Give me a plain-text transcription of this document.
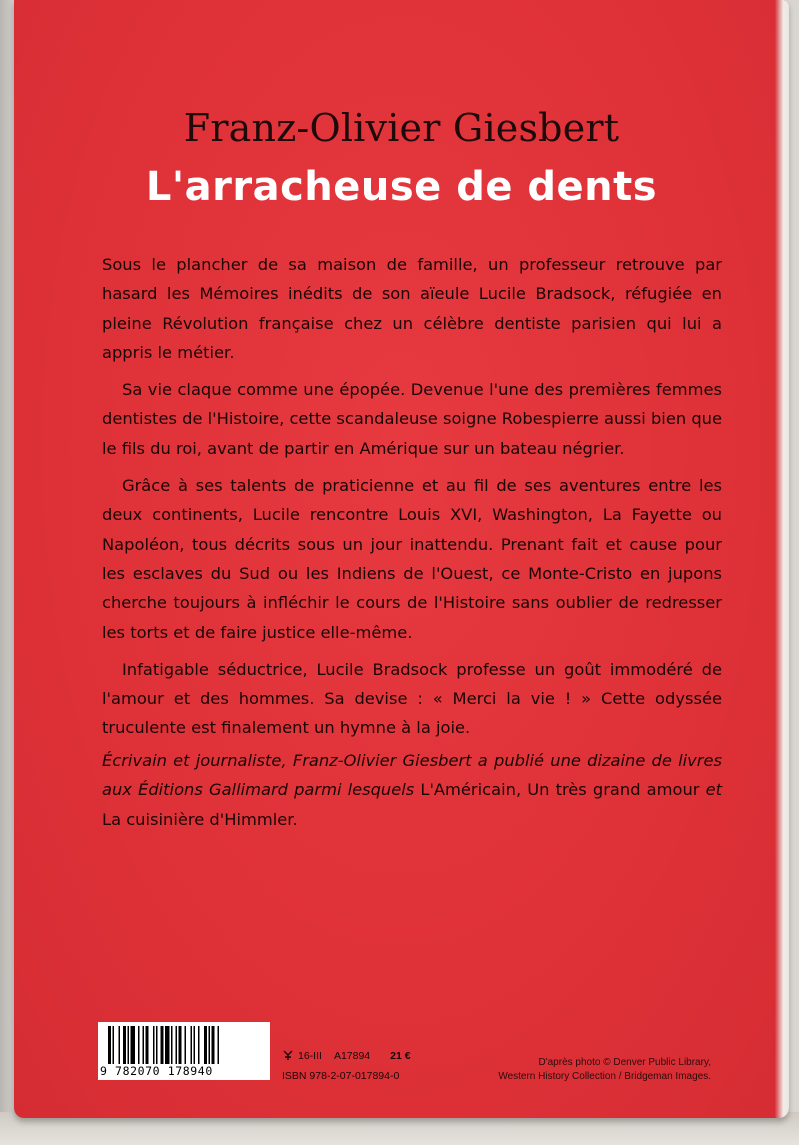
Franz-Olivier Giesbert
L'arracheuse de dents

Sous le plancher de sa maison de famille, un professeur retrouve par hasard les Mémoires inédits de son aïeule Lucile Bradsock, réfugiée en pleine Révolution française chez un célèbre dentiste parisien qui lui a appris le métier.

Sa vie claque comme une épopée. Devenue l'une des premières femmes dentistes de l'Histoire, cette scandaleuse soigne Robespierre aussi bien que le fils du roi, avant de partir en Amérique sur un bateau négrier.

Grâce à ses talents de praticienne et au fil de ses aventures entre les deux continents, Lucile rencontre Louis XVI, Washington, La Fayette ou Napoléon, tous décrits sous un jour inattendu. Prenant fait et cause pour les esclaves du Sud ou les Indiens de l'Ouest, ce Monte-Cristo en jupons cherche toujours à infléchir le cours de l'Histoire sans oublier de redresser les torts et de faire justice elle-même.

Infatigable séductrice, Lucile Bradsock professe un goût immodéré de l'amour et des hommes. Sa devise : « Merci la vie ! » Cette odyssée truculente est finalement un hymne à la joie.

Écrivain et journaliste, Franz-Olivier Giesbert a publié une dizaine de livres aux Éditions Gallimard parmi lesquels L'Américain, Un très grand amour et La cuisinière d'Himmler.
9 782070 178940
16-III A17894 21 €
ISBN 978-2-07-017894-0
D'après photo © Denver Public Library,
Western History Collection / Bridgeman Images.
